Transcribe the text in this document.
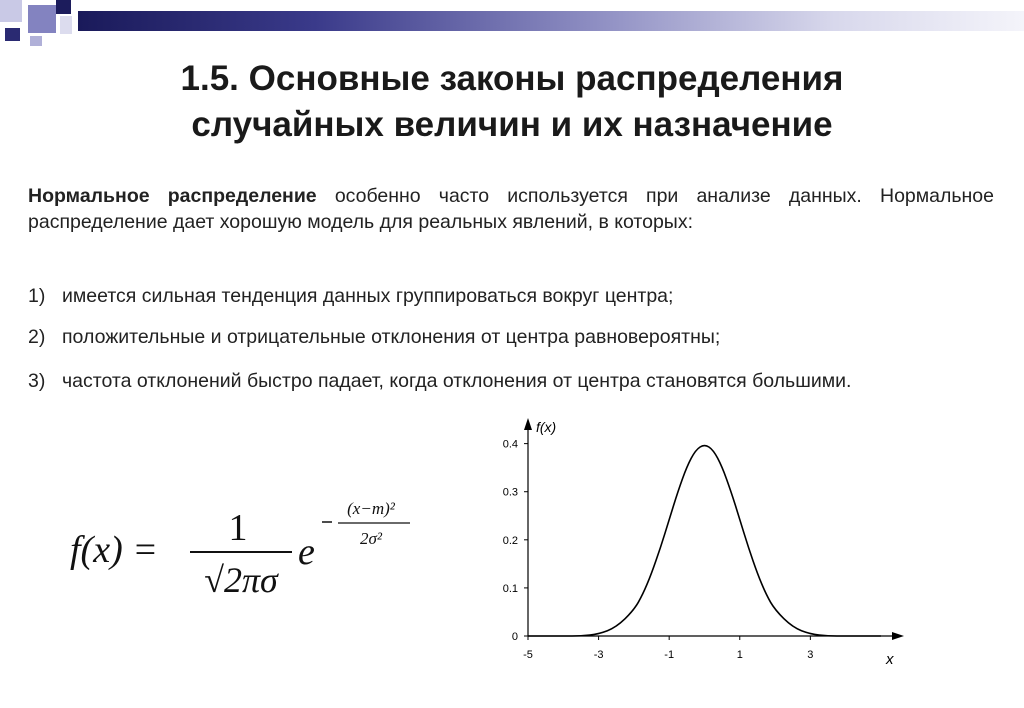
1.5. Основные законы распределения
случайных величин и их назначение
Нормальное распределение особенно часто используется при анализе данных. Нормальное распределение дает хорошую модель для реальных явлений, в которых:
1) имеется сильная тенденция данных группироваться вокруг центра;
2) положительные и отрицательные отклонения от центра равновероятны;
3) частота отклонений быстро падает, когда отклонения от центра становятся большими.
f(x) =
1
√2πσ
e
(x−m)²
2σ²
f(x)
x
-5	-3	-1	1	3
0
0.1
0.2
0.3
0.4
